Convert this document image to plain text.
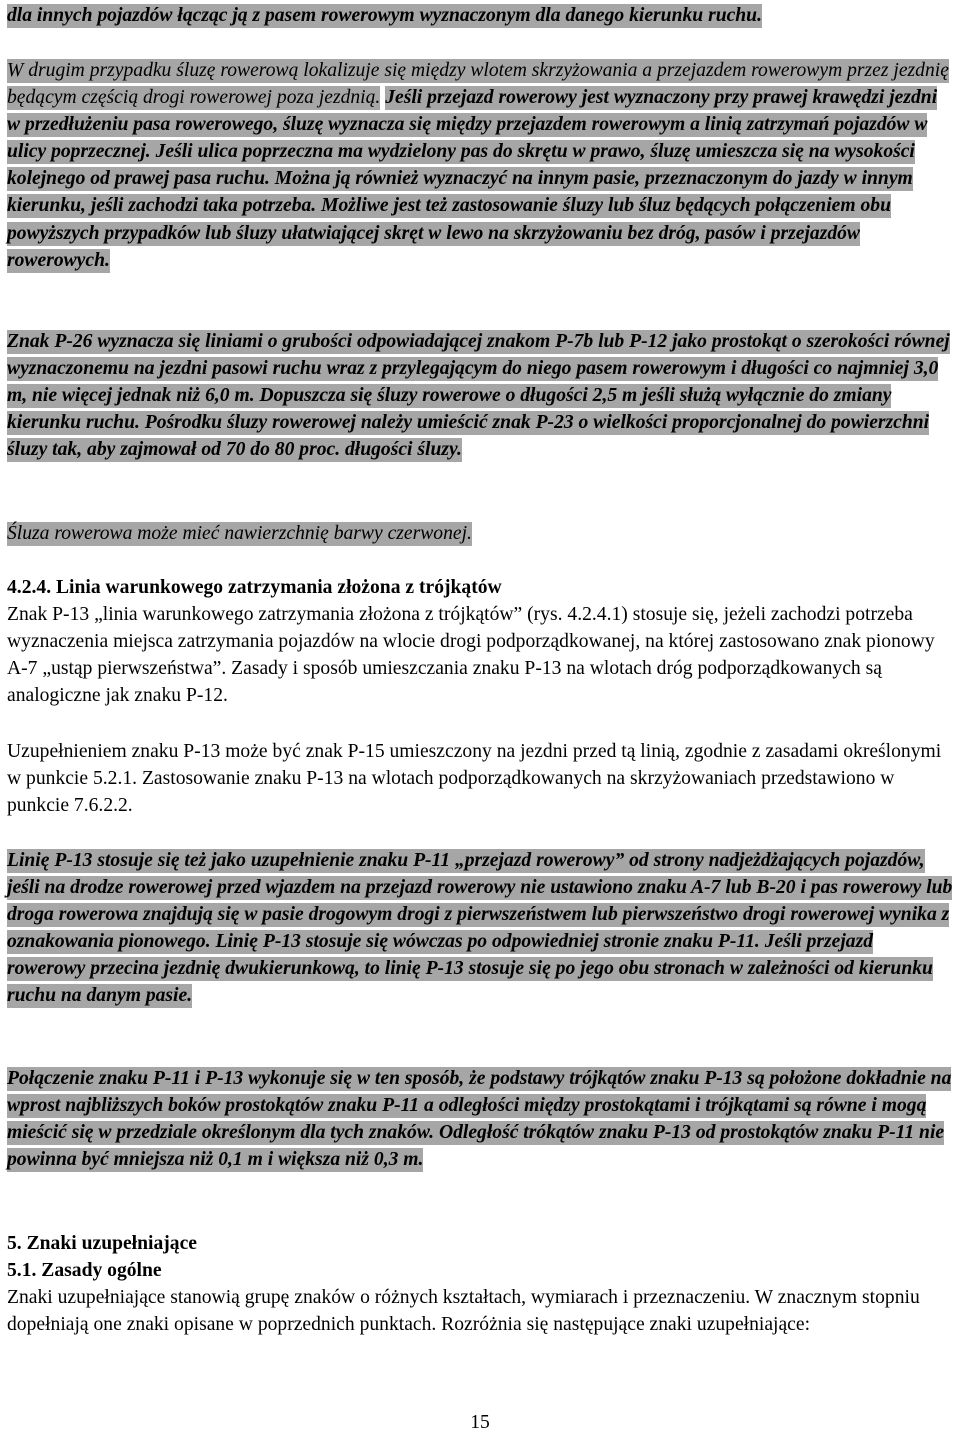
dla innych pojazdów łącząc ją z pasem rowerowym wyznaczonym dla danego kierunku ruchu.

W drugim przypadku śluzę rowerową lokalizuje się między wlotem skrzyżowania a przejazdem rowerowym przez jezdnię będącym częścią drogi rowerowej poza jezdnią. Jeśli przejazd rowerowy jest wyznaczony przy prawej krawędzi jezdni w przedłużeniu pasa rowerowego, śluzę wyznacza się między przejazdem rowerowym a linią zatrzymań pojazdów w ulicy poprzecznej. Jeśli ulica poprzeczna ma wydzielony pas do skrętu w prawo, śluzę umieszcza się na wysokości kolejnego od prawej pasa ruchu. Można ją również wyznaczyć na innym pasie, przeznaczonym do jazdy w innym kierunku, jeśli zachodzi taka potrzeba. Możliwe jest też zastosowanie śluzy lub śluz będących połączeniem obu powyższych przypadków lub śluzy ułatwiającej skręt w lewo na skrzyżowaniu bez dróg, pasów i przejazdów rowerowych.

Znak P-26 wyznacza się liniami o grubości odpowiadającej znakom P-7b lub P-12 jako prostokąt o szerokości równej wyznaczonemu na jezdni pasowi ruchu wraz z przylegającym do niego pasem rowerowym i długości co najmniej 3,0 m, nie więcej jednak niż 6,0 m. Dopuszcza się śluzy rowerowe o długości 2,5 m jeśli służą wyłącznie do zmiany kierunku ruchu. Pośrodku śluzy rowerowej należy umieścić znak P-23 o wielkości proporcjonalnej do powierzchni śluzy tak, aby zajmował od 70 do 80 proc. długości śluzy.

Śluza rowerowa może mieć nawierzchnię barwy czerwonej.

4.2.4. Linia warunkowego zatrzymania złożona z trójkątów

Znak P-13 „linia warunkowego zatrzymania złożona z trójkątów” (rys. 4.2.4.1) stosuje się, jeżeli zachodzi potrzeba wyznaczenia miejsca zatrzymania pojazdów na wlocie drogi podporządkowanej, na której zastosowano znak pionowy A-7 „ustąp pierwszeństwa”. Zasady i sposób umieszczania znaku P-13 na wlotach dróg podporządkowanych są analogiczne jak znaku P-12.

Uzupełnieniem znaku P-13 może być znak P-15 umieszczony na jezdni przed tą linią, zgodnie z zasadami określonymi w punkcie 5.2.1. Zastosowanie znaku P-13 na wlotach podporządkowanych na skrzyżowaniach przedstawiono w punkcie 7.6.2.2.

Linię P-13 stosuje się też jako uzupełnienie znaku P-11 „przejazd rowerowy” od strony nadjeżdżających pojazdów, jeśli na drodze rowerowej przed wjazdem na przejazd rowerowy nie ustawiono znaku A-7 lub B-20 i pas rowerowy lub droga rowerowa znajdują się w pasie drogowym drogi z pierwszeństwem lub pierwszeństwo drogi rowerowej wynika z oznakowania pionowego. Linię P-13 stosuje się wówczas po odpowiedniej stronie znaku P-11. Jeśli przejazd rowerowy przecina jezdnię dwukierunkową, to linię P-13 stosuje się po jego obu stronach w zależności od kierunku ruchu na danym pasie.

Połączenie znaku P-11 i P-13 wykonuje się w ten sposób, że podstawy trójkątów znaku P-13 są położone dokładnie na wprost najbliższych boków prostokątów znaku P-11 a odległości między prostokątami i trójkątami są równe i mogą mieścić się w przedziale określonym dla tych znaków. Odległość trókątów znaku P-13 od prostokątów znaku P-11 nie powinna być mniejsza niż 0,1 m i większa niż 0,3 m.

5. Znaki uzupełniające

5.1. Zasady ogólne

Znaki uzupełniające stanowią grupę znaków o różnych kształtach, wymiarach i przeznaczeniu. W znacznym stopniu dopełniają one znaki opisane w poprzednich punktach. Rozróżnia się następujące znaki uzupełniające:

15
